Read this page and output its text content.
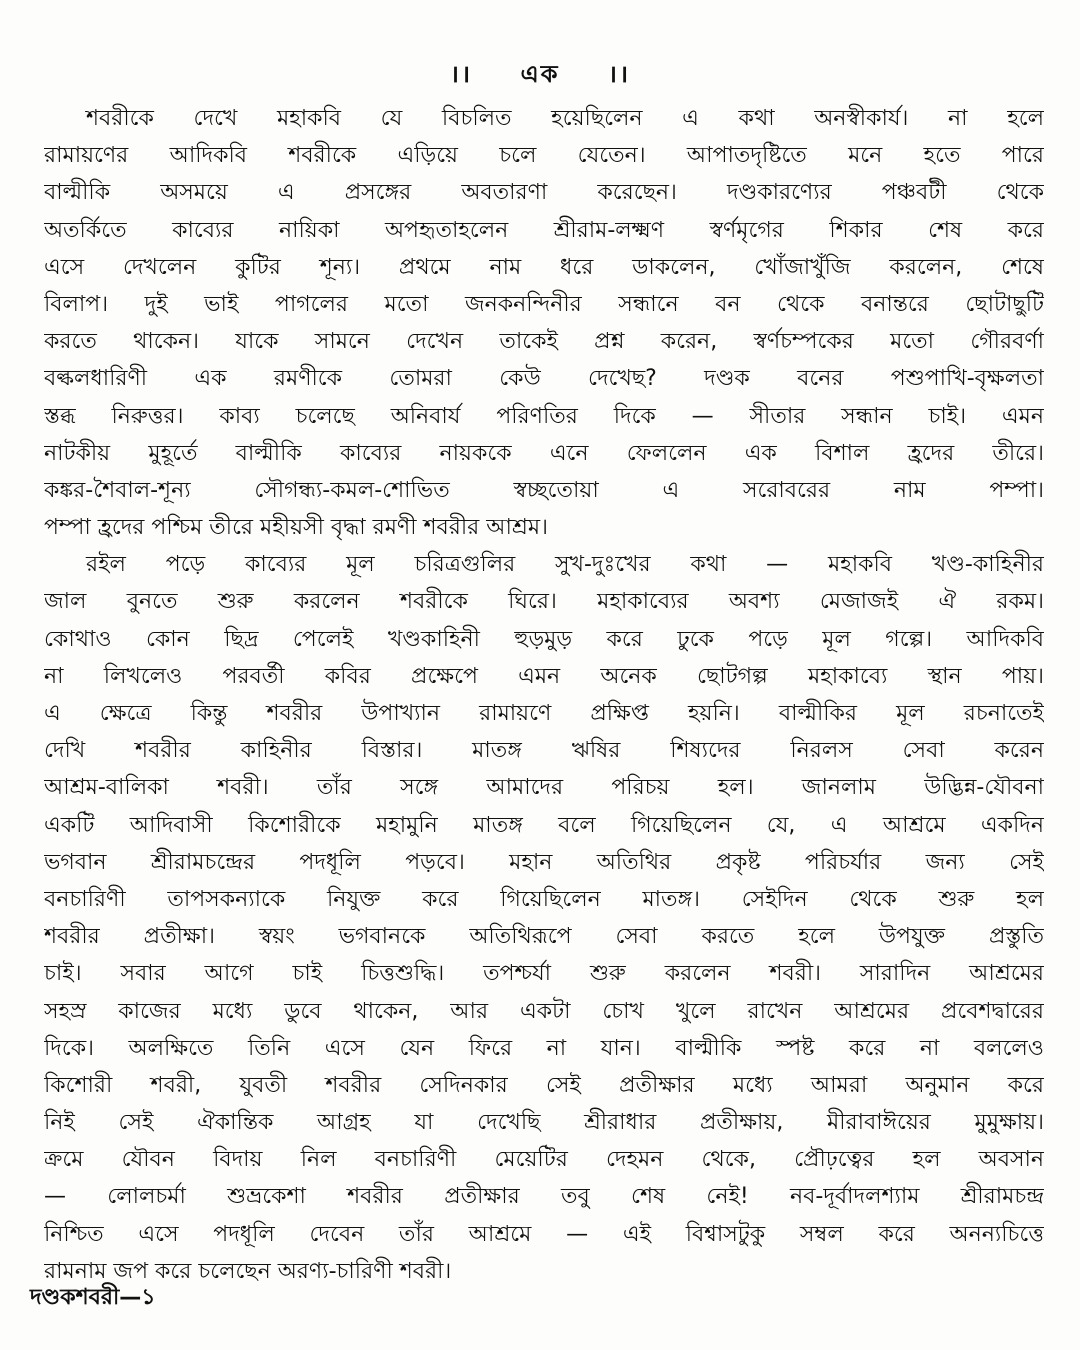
।। এক ।।
শবরীকে দেখে মহাকবি যে বিচলিত হয়েছিলেন এ কথা অনস্বীকার্য। না হলে
রামায়ণের আদিকবি শবরীকে এড়িয়ে চলে যেতেন। আপাতদৃষ্টিতে মনে হতে পারে
বাল্মীকি অসময়ে এ প্রসঙ্গের অবতারণা করেছেন। দণ্ডকারণ্যের পঞ্চবটী থেকে
অতর্কিতে কাব্যের নায়িকা অপহৃতাহলেন শ্রীরাম-লক্ষ্মণ স্বর্ণমৃগের শিকার শেষ করে
এসে দেখলেন কুটির শূন্য। প্রথমে নাম ধরে ডাকলেন, খোঁজাখুঁজি করলেন, শেষে
বিলাপ। দুই ভাই পাগলের মতো জনকনন্দিনীর সন্ধানে বন থেকে বনান্তরে ছোটাছুটি
করতে থাকেন। যাকে সামনে দেখেন তাকেই প্রশ্ন করেন, স্বর্ণচম্পকের মতো গৌরবর্ণা
বল্কলধারিণী এক রমণীকে তোমরা কেউ দেখেছ? দণ্ডক বনের পশুপাখি-বৃক্ষলতা
স্তব্ধ নিরুত্তর। কাব্য চলেছে অনিবার্য পরিণতির দিকে — সীতার সন্ধান চাই। এমন
নাটকীয় মুহূর্তে বাল্মীকি কাব্যের নায়ককে এনে ফেললেন এক বিশাল হ্রদের তীরে।
কঙ্কর-শৈবাল-শূন্য সৌগন্ধ্য-কমল-শোভিত স্বচ্ছতোয়া এ সরোবরের নাম পম্পা।
পম্পা হ্রদের পশ্চিম তীরে মহীয়সী বৃদ্ধা রমণী শবরীর আশ্রম।
রইল পড়ে কাব্যের মূল চরিত্রগুলির সুখ-দুঃখের কথা — মহাকবি খণ্ড-কাহিনীর
জাল বুনতে শুরু করলেন শবরীকে ঘিরে। মহাকাব্যের অবশ্য মেজাজই ঐ রকম।
কোথাও কোন ছিদ্র পেলেই খণ্ডকাহিনী হুড়মুড় করে ঢুকে পড়ে মূল গল্পে। আদিকবি
না লিখলেও পরবর্তী কবির প্রক্ষেপে এমন অনেক ছোটগল্প মহাকাব্যে স্থান পায়।
এ ক্ষেত্রে কিন্তু শবরীর উপাখ্যান রামায়ণে প্রক্ষিপ্ত হয়নি। বাল্মীকির মূল রচনাতেই
দেখি শবরীর কাহিনীর বিস্তার। মাতঙ্গ ঋষির শিষ্যদের নিরলস সেবা করেন
আশ্রম-বালিকা শবরী। তাঁর সঙ্গে আমাদের পরিচয় হল। জানলাম উদ্ভিন্ন-যৌবনা
একটি আদিবাসী কিশোরীকে মহামুনি মাতঙ্গ বলে গিয়েছিলেন যে, এ আশ্রমে একদিন
ভগবান শ্রীরামচন্দ্রের পদধূলি পড়বে। মহান অতিথির প্রকৃষ্ট পরিচর্যার জন্য সেই
বনচারিণী তাপসকন্যাকে নিযুক্ত করে গিয়েছিলেন মাতঙ্গ। সেইদিন থেকে শুরু হল
শবরীর প্রতীক্ষা। স্বয়ং ভগবানকে অতিথিরূপে সেবা করতে হলে উপযুক্ত প্রস্তুতি
চাই। সবার আগে চাই চিত্তশুদ্ধি। তপশ্চর্যা শুরু করলেন শবরী। সারাদিন আশ্রমের
সহস্র কাজের মধ্যে ডুবে থাকেন, আর একটা চোখ খুলে রাখেন আশ্রমের প্রবেশদ্বারের
দিকে। অলক্ষিতে তিনি এসে যেন ফিরে না যান। বাল্মীকি স্পষ্ট করে না বললেও
কিশোরী শবরী, যুবতী শবরীর সেদিনকার সেই প্রতীক্ষার মধ্যে আমরা অনুমান করে
নিই সেই ঐকান্তিক আগ্রহ যা দেখেছি শ্রীরাধার প্রতীক্ষায়, মীরাবাঈয়ের মুমুক্ষায়।
ক্রমে যৌবন বিদায় নিল বনচারিণী মেয়েটির দেহমন থেকে, প্রৌঢ়ত্বের হল অবসান
— লোলচর্মা শুভ্রকেশা শবরীর প্রতীক্ষার তবু শেষ নেই! নব-দূর্বাদলশ্যাম শ্রীরামচন্দ্র
নিশ্চিত এসে পদধূলি দেবেন তাঁর আশ্রমে — এই বিশ্বাসটুকু সম্বল করে অনন্যচিত্তে
রামনাম জপ করে চলেছেন অরণ্য-চারিণী শবরী।
দণ্ডকশবরী—১
